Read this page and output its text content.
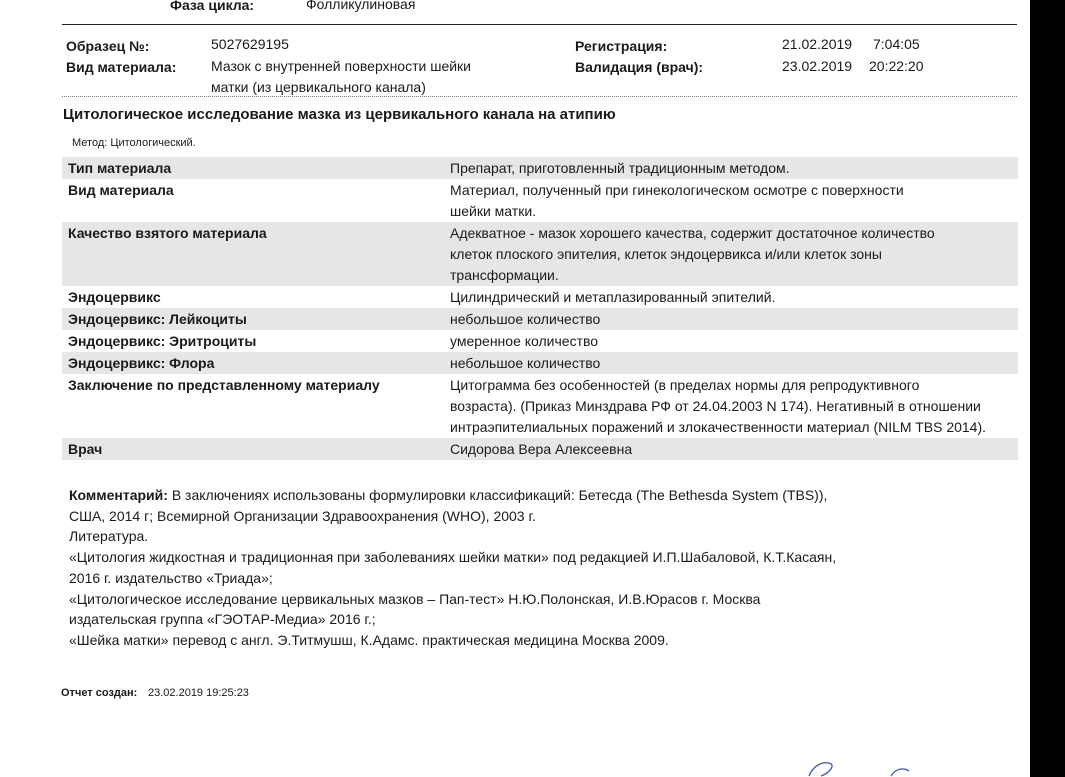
Фаза цикла:	Фолликулиновая
Образец №:	5027629195
Вид материала: Мазок с внутренней поверхности шейки
матки (из цервикального канала)
Регистрация:	21.02.2019 7:04:05
Валидация (врач):	23.02.2019 20:22:20
Цитологическое исследование мазка из цервикального канала на атипию
Метод: Цитологический.
Тип материала	Препарат, приготовленный традиционным методом.
Вид материала	Материал, полученный при гинекологическом осмотре с поверхности шейки матки.
Качество взятого материала	Адекватное - мазок хорошего качества, содержит достаточное количество клеток плоского эпителия, клеток эндоцервикса и/или клеток зоны трансформации.
Эндоцервикс	Цилиндрический и метаплазированный эпителий.
Эндоцервикс: Лейкоциты	небольшое количество
Эндоцервикс: Эритроциты	умеренное количество
Эндоцервикс: Флора	небольшое количество
Заключение по представленному материалу	Цитограмма без особенностей (в пределах нормы для репродуктивного возраста). (Приказ Минздрава РФ от 24.04.2003 N 174). Негативный в отношении интраэпителиальных поражений и злокачественности материал (NILM TBS 2014).
Врач	Сидорова Вера Алексеевна

Комментарий: В заключениях использованы формулировки классификаций: Бетесда (The Bethesda System (TBS)),

США, 2014 г; Всемирной Организации Здравоохранения (WHO), 2003 г.

Литература.

«Цитология жидкостная и традиционная при заболеваниях шейки матки» под редакцией И.П.Шабаловой, К.Т.Касаян,

2016 г. издательство «Триада»;

«Цитологическое исследование цервикальных мазков – Пап-тест» Н.Ю.Полонская, И.В.Юрасов г. Москва

издательская группа «ГЭОТАР-Медиа» 2016 г.;

«Шейка матки» перевод с англ. Э.Титмушш, К.Адамс. практическая медицина Москва 2009.

Отчет создан: 23.02.2019 19:25:23
